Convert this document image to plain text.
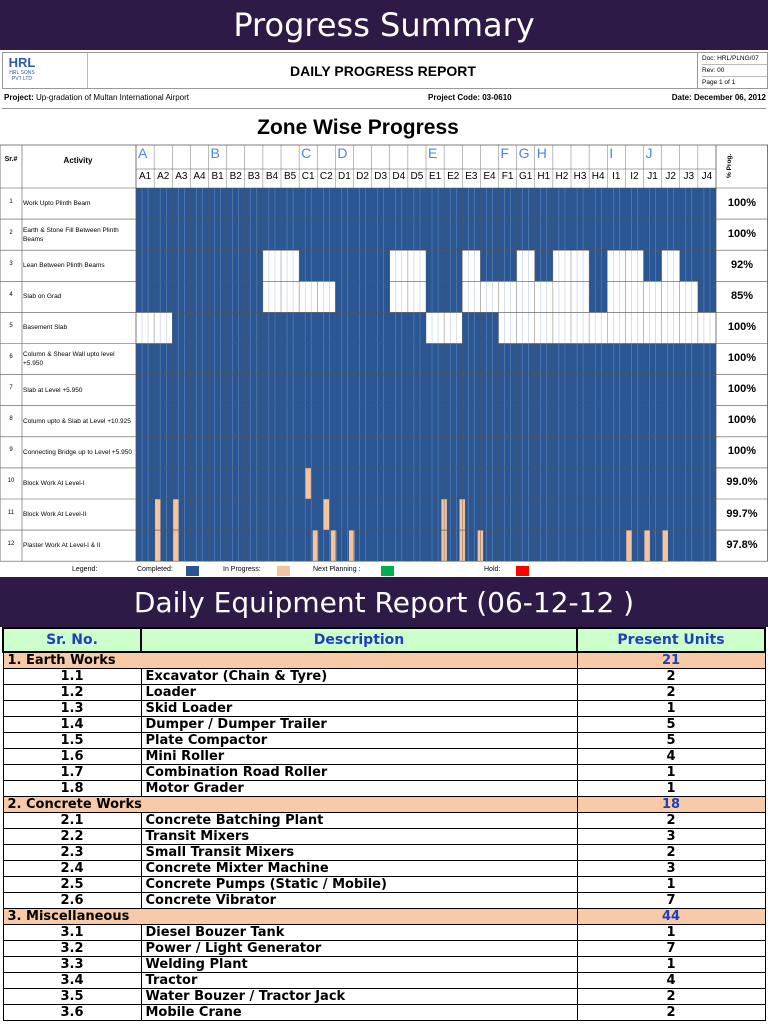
Progress Summary
HRL
HRL SONS PVT LTD	DAILY PROGRESS REPORT
Doc: HRL/PLNG/07
Rev: 00
Page 1 of 1
Project: Up-gradation of Multan International Airport	Project Code: 03-0610	Date: December 06, 2012
Zone Wise Progress
Sr.#	Activity	% Prog.
A	B	C D	E	F G H	I J
A1 A2 A3 A4 B1 B2 B3 B4 B5 C1 C2 D1 D2 D3 D4 D5 E1 E2 E3 E4 F1 G1 H1 H2 H3 H4 I1 I2 J1 J2 J3 J4
1	Work Upto Plinth Beam	100%
2	Earth & Stone Fill Between Plinth Beams	100%
3	Lean Between Plinth Beams	92%
4	Slab on Grad	85%
5	Basement Slab	100%
6	Column & Shear Wall upto level +5.950	100%
7	Slab at Level +5.950	100%
8	Column upto & Slab at Level +10.925	100%
9	Connecting Bridge up to Level +5.950	100%
10	Block Work At Level-I	99.0%
11	Block Work At Level-II	99.7%
12	Plaster Work At Level-I & II	97.8%
Legend:	Completed:	In Progress:	Next Planning :	Hold:
Daily Equipment Report (06-12-12 )
Sr. No.	Description	Present Units
1. Earth Works		21
1.1	Excavator (Chain & Tyre)	2
1.2	Loader	2
1.3	Skid Loader	1
1.4	Dumper / Dumper Trailer	5
1.5	Plate Compactor	5
1.6	Mini Roller	4
1.7	Combination Road Roller	1
1.8	Motor Grader	1
2. Concrete Works		18
2.1	Concrete Batching Plant	2
2.2	Transit Mixers	3
2.3	Small Transit Mixers	2
2.4	Concrete Mixter Machine	3
2.5	Concrete Pumps (Static / Mobile)	1
2.6	Concrete Vibrator	7
3. Miscellaneous		44
3.1	Diesel Bouzer Tank	1
3.2	Power / Light Generator	7
3.3	Welding Plant	1
3.4	Tractor	4
3.5	Water Bouzer / Tractor Jack	2
3.6	Mobile Crane	2
